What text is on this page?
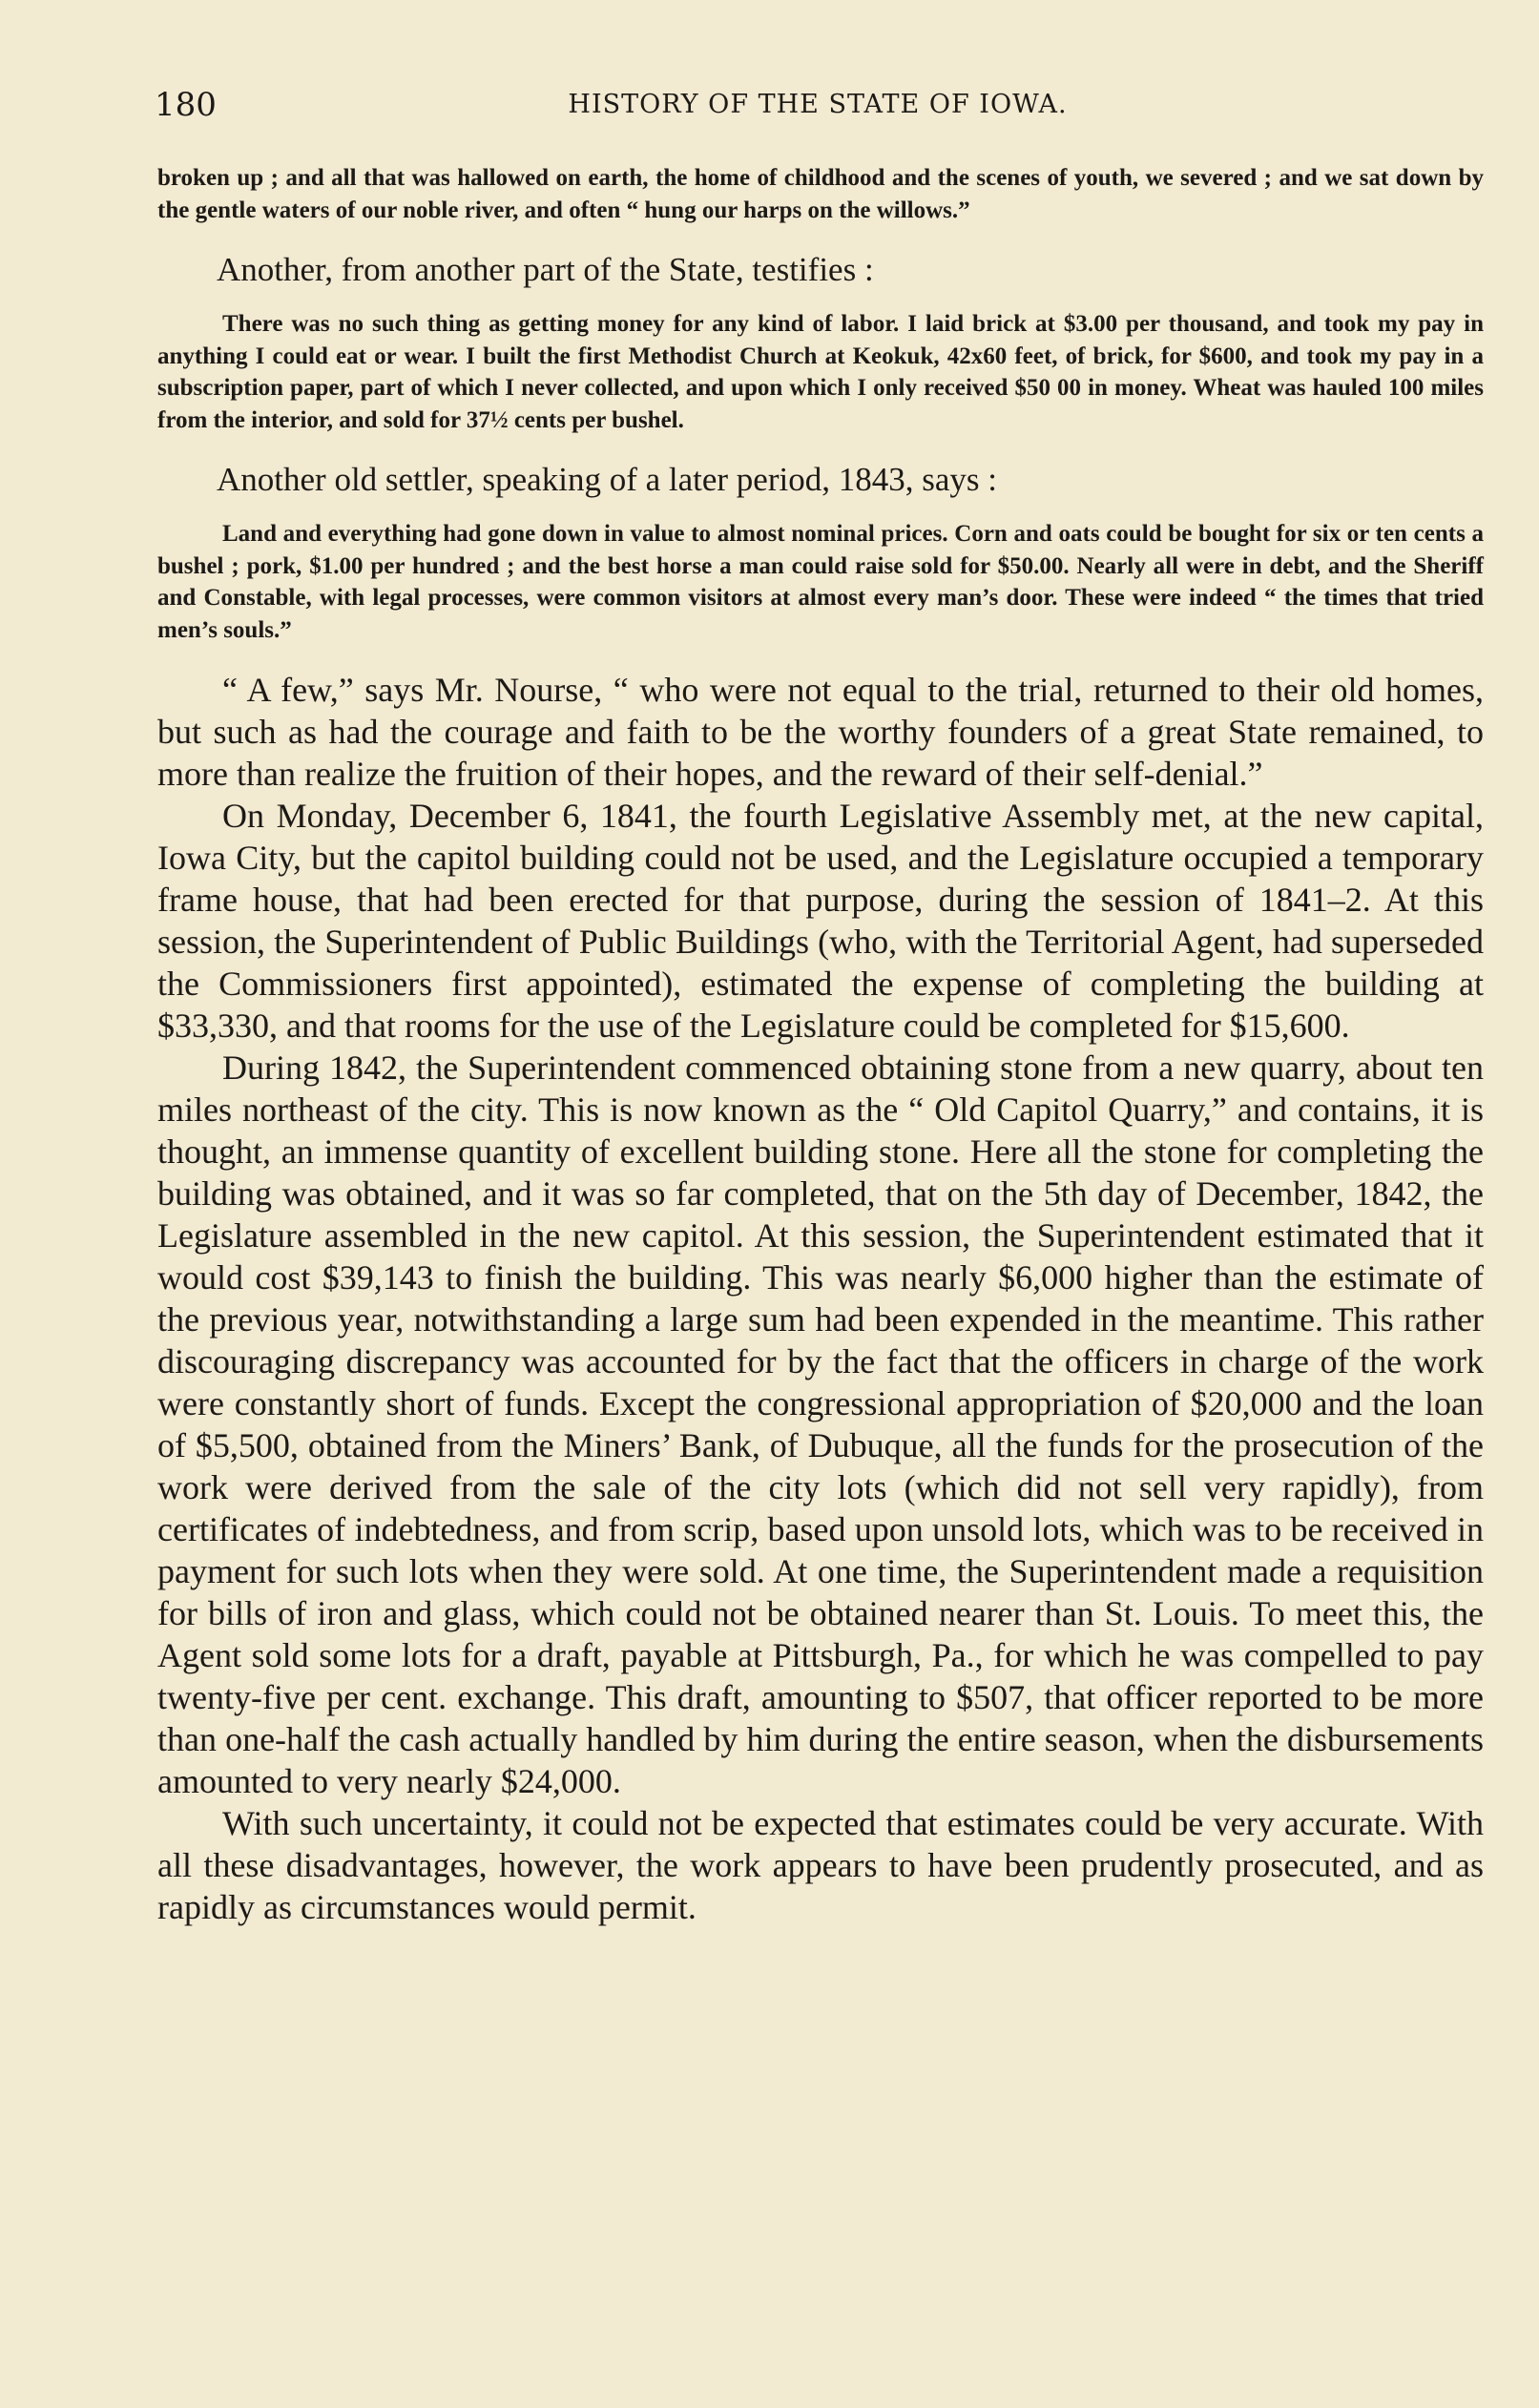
180	HISTORY OF THE STATE OF IOWA.

broken up ; and all that was hallowed on earth, the home of childhood and the scenes of youth, we severed ; and we sat down by the gentle waters of our noble river, and often “ hung our harps on the willows.”

Another, from another part of the State, testifies :

There was no such thing as getting money for any kind of labor. I laid brick at $3.00 per thousand, and took my pay in anything I could eat or wear. I built the first Methodist Church at Keokuk, 42x60 feet, of brick, for $600, and took my pay in a subscription paper, part of which I never collected, and upon which I only received $50 00 in money. Wheat was hauled 100 miles from the interior, and sold for 37½ cents per bushel.

Another old settler, speaking of a later period, 1843, says :

Land and everything had gone down in value to almost nominal prices. Corn and oats could be bought for six or ten cents a bushel ; pork, $1.00 per hundred ; and the best horse a man could raise sold for $50.00. Nearly all were in debt, and the Sheriff and Constable, with legal processes, were common visitors at almost every man’s door. These were indeed “ the times that tried men’s souls.”

“ A few,” says Mr. Nourse, “ who were not equal to the trial, returned to their old homes, but such as had the courage and faith to be the worthy founders of a great State remained, to more than realize the fruition of their hopes, and the reward of their self-denial.”

On Monday, December 6, 1841, the fourth Legislative Assembly met, at the new capital, Iowa City, but the capitol building could not be used, and the Legislature occupied a temporary frame house, that had been erected for that purpose, during the session of 1841–2. At this session, the Superintendent of Public Buildings (who, with the Territorial Agent, had superseded the Commissioners first appointed), estimated the expense of completing the building at $33,330, and that rooms for the use of the Legislature could be completed for $15,600.

During 1842, the Superintendent commenced obtaining stone from a new quarry, about ten miles northeast of the city. This is now known as the “ Old Capitol Quarry,” and contains, it is thought, an immense quantity of excellent building stone. Here all the stone for completing the building was obtained, and it was so far completed, that on the 5th day of December, 1842, the Legislature assembled in the new capitol. At this session, the Superintendent estimated that it would cost $39,143 to finish the building. This was nearly $6,000 higher than the estimate of the previous year, notwithstanding a large sum had been expended in the meantime. This rather discouraging discrepancy was accounted for by the fact that the officers in charge of the work were constantly short of funds. Except the congressional appropriation of $20,000 and the loan of $5,500, obtained from the Miners’ Bank, of Dubuque, all the funds for the prosecution of the work were derived from the sale of the city lots (which did not sell very rapidly), from certificates of indebtedness, and from scrip, based upon unsold lots, which was to be received in payment for such lots when they were sold. At one time, the Superintendent made a requisition for bills of iron and glass, which could not be obtained nearer than St. Louis. To meet this, the Agent sold some lots for a draft, payable at Pittsburgh, Pa., for which he was compelled to pay twenty-five per cent. exchange. This draft, amounting to $507, that officer reported to be more than one-half the cash actually handled by him during the entire season, when the disbursements amounted to very nearly $24,000.

With such uncertainty, it could not be expected that estimates could be very accurate. With all these disadvantages, however, the work appears to have been prudently prosecuted, and as rapidly as circumstances would permit.
